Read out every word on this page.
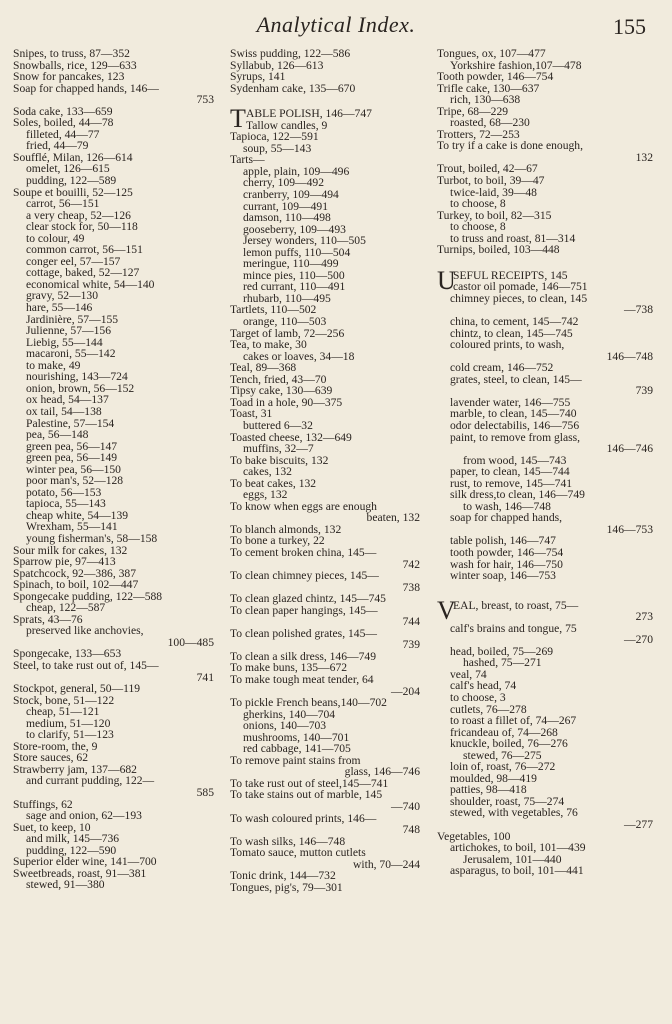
Analytical Index.	155
Snipes, to truss, 87—352
Snowballs, rice, 129—633
Snow for pancakes, 123
Soap for chapped hands, 146—
753
Soda cake, 133—659
Soles, boiled, 44—78
filleted, 44—77
fried, 44—79
Soufflé, Milan, 126—614
omelet, 126—615
pudding, 122—589
Soupe et bouilli, 52—125
carrot, 56—151
a very cheap, 52—126
clear stock for, 50—118
to colour, 49
common carrot, 56—151
conger eel, 57—157
cottage, baked, 52—127
economical white, 54—140
gravy, 52—130
hare, 55—146
Jardinière, 57—155
Julienne, 57—156
Liebig, 55—144
macaroni, 55—142
to make, 49
nourishing, 143—724
onion, brown, 56—152
ox head, 54—137
ox tail, 54—138
Palestine, 57—154
pea, 56—148
green pea, 56—147
green pea, 56—149
winter pea, 56—150
poor man's, 52—128
potato, 56—153
tapioca, 55—143
cheap white, 54—139
Wrexham, 55—141
young fisherman's, 58—158
Sour milk for cakes, 132
Sparrow pie, 97—413
Spatchcock, 92—386, 387
Spinach, to boil, 102—447
Spongecake pudding, 122—588
cheap, 122—587
Sprats, 43—76
preserved like anchovies,
100—485
Spongecake, 133—653
Steel, to take rust out of, 145—
741
Stockpot, general, 50—119
Stock, bone, 51—122
cheap, 51—121
medium, 51—120
to clarify, 51—123
Store-room, the, 9
Store sauces, 62
Strawberry jam, 137—682
and currant pudding, 122—
585
Stuffings, 62
sage and onion, 62—193
Suet, to keep, 10
and milk, 145—736
pudding, 122—590
Superior elder wine, 141—700
Sweetbreads, roast, 91—381
stewed, 91—380
Swiss pudding, 122—586
Syllabub, 126—613
Syrups, 141
Sydenham cake, 135—670
T ABLE POLISH, 146—747
Tallow candles, 9
Tapioca, 122—591
soup, 55—143
Tarts—
apple, plain, 109—496
cherry, 109—492
cranberry, 109—494
currant, 109—491
damson, 110—498
gooseberry, 109—493
Jersey wonders, 110—505
lemon puffs, 110—504
meringue, 110—499
mince pies, 110—500
red currant, 110—491
rhubarb, 110—495
Tartlets, 110—502
orange, 110—503
Target of lamb, 72—256
Tea, to make, 30
cakes or loaves, 34—18
Teal, 89—368
Tench, fried, 43—70
Tipsy cake, 130—639
Toad in a hole, 90—375
Toast, 31
buttered 6—32
Toasted cheese, 132—649
muffins, 32—7
To bake biscuits, 132
cakes, 132
To beat cakes, 132
eggs, 132
To know when eggs are enough
beaten, 132
To blanch almonds, 132
To bone a turkey, 22
To cement broken china, 145—
742
To clean chimney pieces, 145—
738
To clean glazed chintz, 145—745
To clean paper hangings, 145—
744
To clean polished grates, 145—
739
To clean a silk dress, 146—749
To make buns, 135—672
To make tough meat tender, 64
—204
To pickle French beans,140—702
gherkins, 140—704
onions, 140—703
mushrooms, 140—701
red cabbage, 141—705
To remove paint stains from
glass, 146—746
To take rust out of steel,145—741
To take stains out of marble, 145
—740
To wash coloured prints, 146—
748
To wash silks, 146—748
Tomato sauce, mutton cutlets
with, 70—244
Tonic drink, 144—732
Tongues, pig's, 79—301
Tongues, ox, 107—477
Yorkshire fashion,107—478
Tooth powder, 146—754
Trifle cake, 130—637
rich, 130—638
Tripe, 68—229
roasted, 68—230
Trotters, 72—253
To try if a cake is done enough,
132
Trout, boiled, 42—67
Turbot, to boil, 39—47
twice-laid, 39—48
to choose, 8
Turkey, to boil, 82—315
to choose, 8
to truss and roast, 81—314
Turnips, boiled, 103—448
U
SEFUL RECEIPTS, 145
castor oil pomade, 146—751
chimney pieces, to clean, 145
—738
china, to cement, 145—742
chintz, to clean, 145—745
coloured prints, to wash,
146—748
cold cream, 146—752
grates, steel, to clean, 145—
739
lavender water, 146—755
marble, to clean, 145—740
odor delectabilis, 146—756
paint, to remove from glass,
146—746
from wood, 145—743
paper, to clean, 145—744
rust, to remove, 145—741
silk dress,to clean, 146—749
to wash, 146—748
soap for chapped hands,
146—753
table polish, 146—747
tooth powder, 146—754
wash for hair, 146—750
winter soap, 146—753
V
EAL, breast, to roast, 75—
273
calf's brains and tongue, 75
—270
head, boiled, 75—269
hashed, 75—271
veal, 74
calf's head, 74
to choose, 3
cutlets, 76—278
to roast a fillet of, 74—267
fricandeau of, 74—268
knuckle, boiled, 76—276
stewed, 76—275
loin of, roast, 76—272
moulded, 98—419
patties, 98—418
shoulder, roast, 75—274
stewed, with vegetables, 76
—277
Vegetables, 100
artichokes, to boil, 101—439
Jerusalem, 101—440
asparagus, to boil, 101—441
